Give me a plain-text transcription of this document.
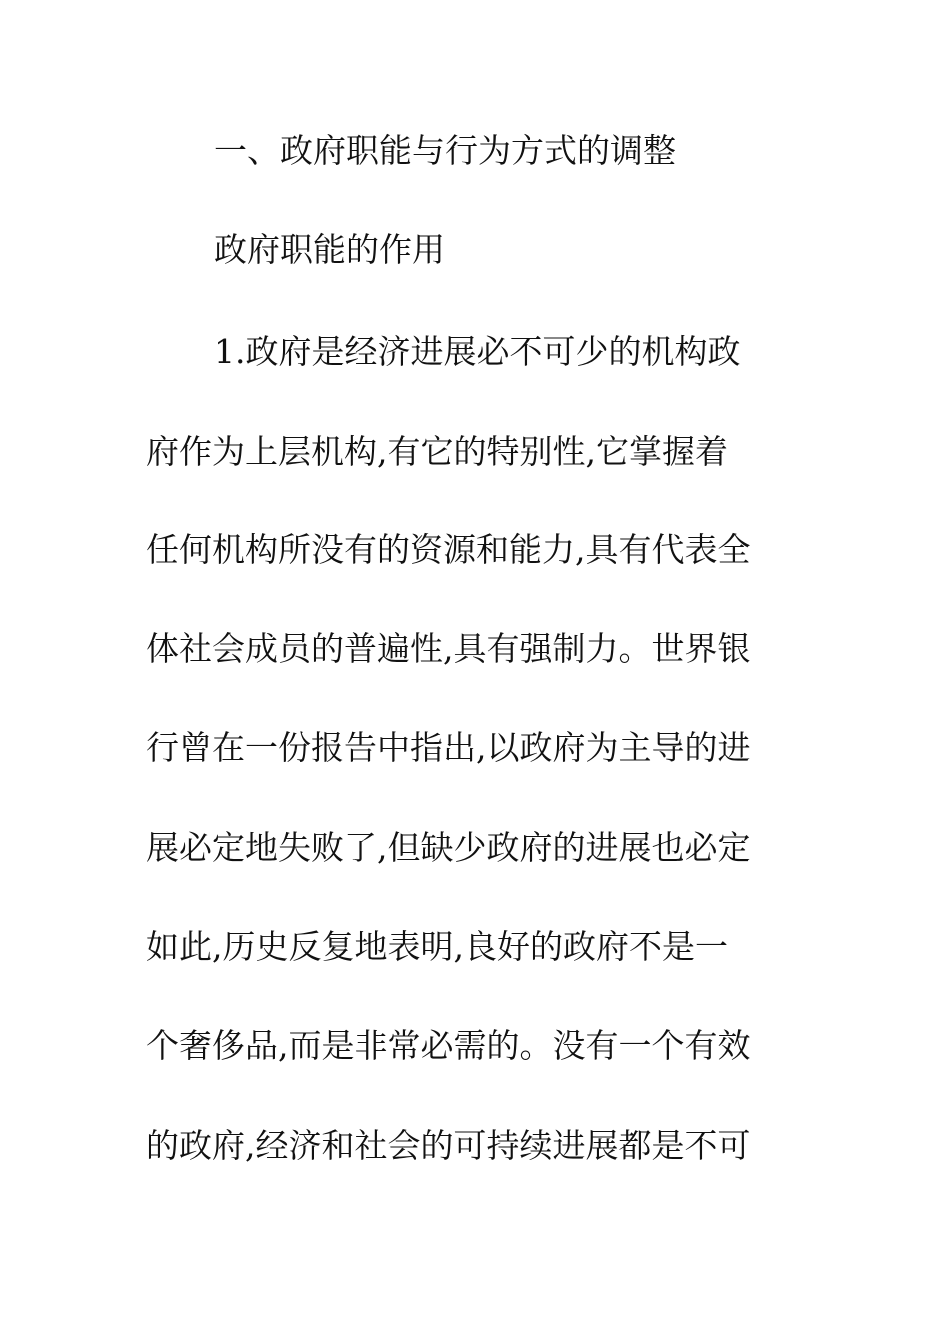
一、政府职能与行为方式的调整
政府职能的作用
1.政府是经济进展必不可少的机构政
府作为上层机构,有它的特别性,它掌握着
任何机构所没有的资源和能力,具有代表全
体社会成员的普遍性,具有强制力。世界银
行曾在一份报告中指出,以政府为主导的进
展必定地失败了,但缺少政府的进展也必定
如此,历史反复地表明,良好的政府不是一
个奢侈品,而是非常必需的。没有一个有效
的政府,经济和社会的可持续进展都是不可
